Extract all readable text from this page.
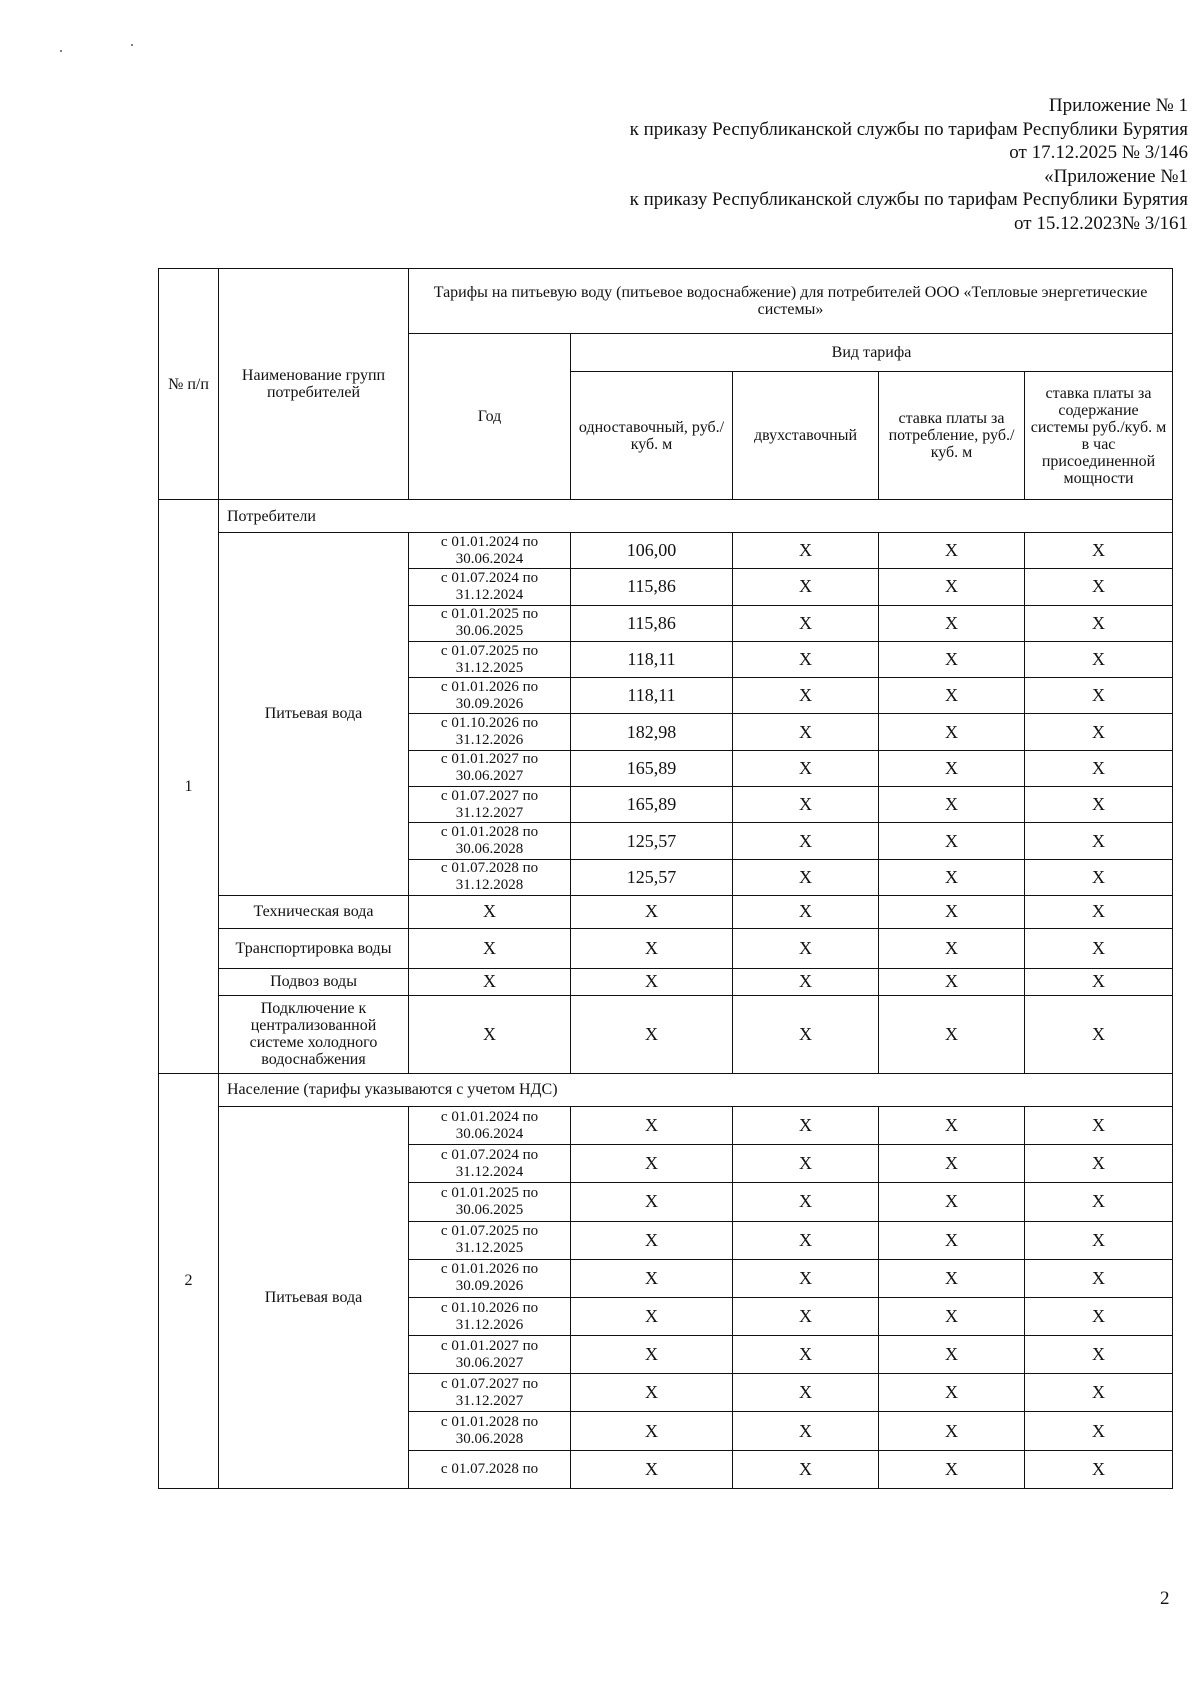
Приложение № 1
к приказу Республиканской службы по тарифам Республики Бурятия
от 17.12.2025 № 3/146
«Приложение №1
к приказу Республиканской службы по тарифам Республики Бурятия
от 15.12.2023№ 3/161
№ п/п	Наименование групп потребителей	Тарифы на питьевую воду (питьевое водоснабжение) для потребителей ООО «Тепловые энергетические системы»				
		Год	Вид тарифа			
			одноставочный, руб./ куб. м	двухставочный	ставка платы за потребление, руб./ куб. м	ставка платы за содержание системы руб./куб. м в час присоединенной мощности
1	Потребители					
	Питьевая вода	с 01.01.2024 по 30.06.2024	106,00	X	X	X
		с 01.07.2024 по 31.12.2024	115,86	X	X	X
		с 01.01.2025 по 30.06.2025	115,86	X	X	X
		с 01.07.2025 по 31.12.2025	118,11	X	X	X
		с 01.01.2026 по 30.09.2026	118,11	X	X	X
		с 01.10.2026 по 31.12.2026	182,98	X	X	X
		с 01.01.2027 по 30.06.2027	165,89	X	X	X
		с 01.07.2027 по 31.12.2027	165,89	X	X	X
		с 01.01.2028 по 30.06.2028	125,57	X	X	X
		с 01.07.2028 по 31.12.2028	125,57	X	X	X
	Техническая вода	X	X	X	X	X
	Транспортировка воды	X	X	X	X	X
	Подвоз воды	X	X	X	X	X
	Подключение к централизованной системе холодного водоснабжения	X	X	X	X	X
2	Население (тарифы указываются с учетом НДС)					
	Питьевая вода	с 01.01.2024 по 30.06.2024	X	X	X	X
		с 01.07.2024 по 31.12.2024	X	X	X	X
		с 01.01.2025 по 30.06.2025	X	X	X	X
		с 01.07.2025 по 31.12.2025	X	X	X	X
		с 01.01.2026 по 30.09.2026	X	X	X	X
		с 01.10.2026 по 31.12.2026	X	X	X	X
		с 01.01.2027 по 30.06.2027	X	X	X	X
		с 01.07.2027 по 31.12.2027	X	X	X	X
		с 01.01.2028 по 30.06.2028	X	X	X	X
		с 01.07.2028 по	X	X	X	X
2
